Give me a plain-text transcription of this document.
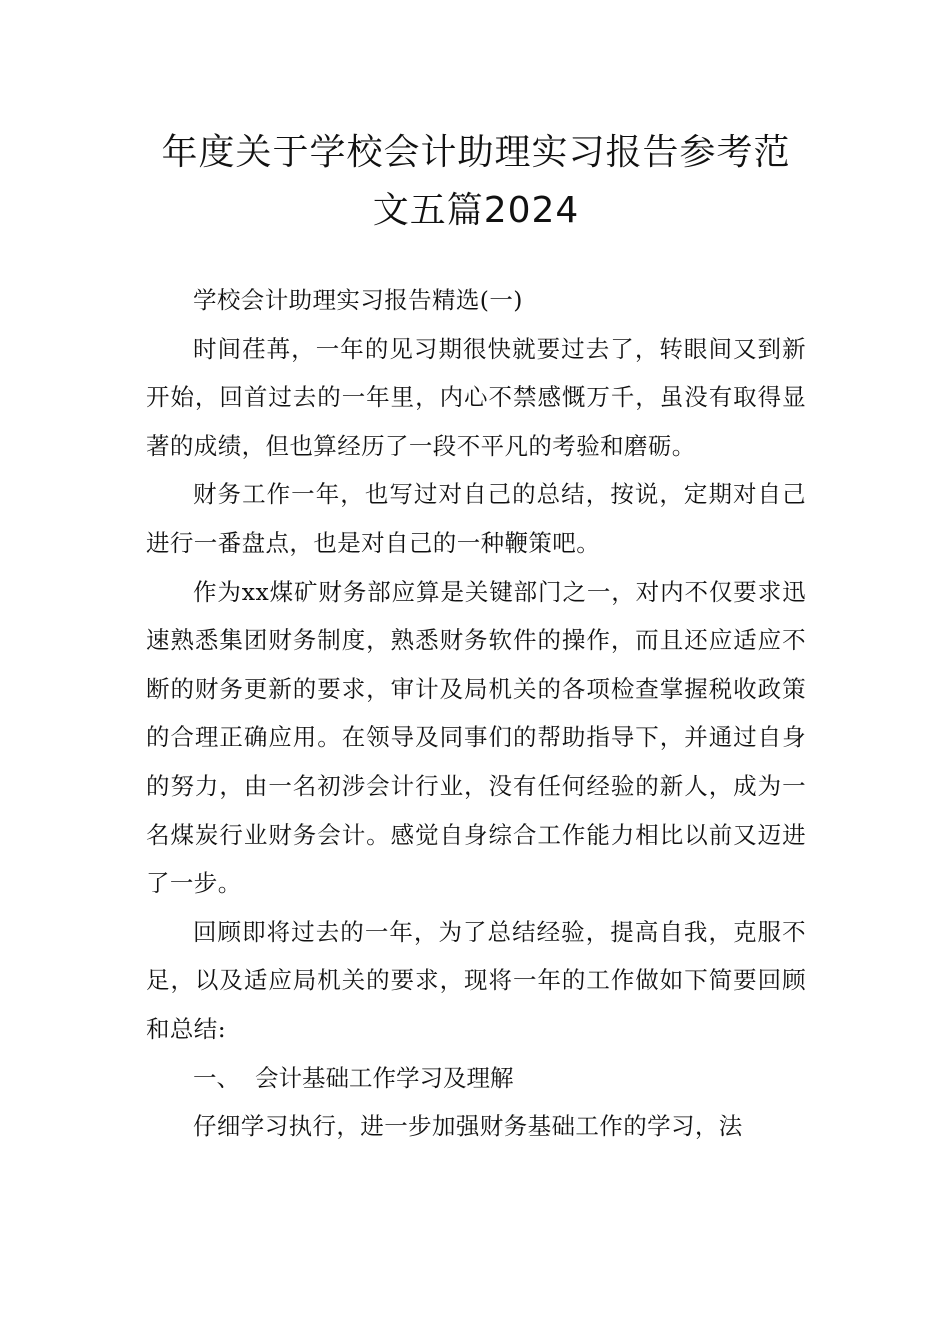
年度关于学校会计助理实习报告参考范文五篇2024

学校会计助理实习报告精选(一)

时间荏苒，一年的见习期很快就要过去了，转眼间又到新开始，回首过去的一年里，内心不禁感慨万千，虽没有取得显著的成绩，但也算经历了一段不平凡的考验和磨砺。

财务工作一年，也写过对自己的总结，按说，定期对自己进行一番盘点，也是对自己的一种鞭策吧。

作为xx煤矿财务部应算是关键部门之一，对内不仅要求迅速熟悉集团财务制度，熟悉财务软件的操作，而且还应适应不断的财务更新的要求，审计及局机关的各项检查掌握税收政策的合理正确应用。在领导及同事们的帮助指导下，并通过自身的努力，由一名初涉会计行业，没有任何经验的新人，成为一名煤炭行业财务会计。感觉自身综合工作能力相比以前又迈进了一步。

回顾即将过去的一年，为了总结经验，提高自我，克服不足，以及适应局机关的要求，现将一年的工作做如下简要回顾和总结:

一、 会计基础工作学习及理解

仔细学习执行，进一步加强财务基础工作的学习，法
